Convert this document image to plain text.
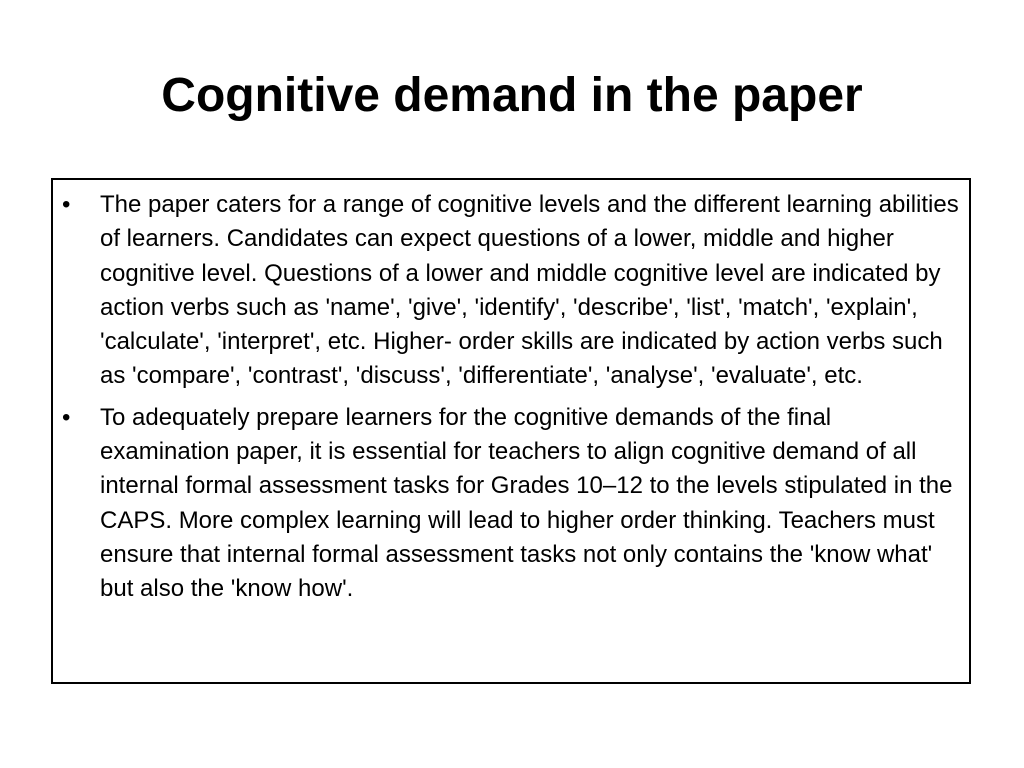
Cognitive demand in the paper
•	The paper caters for a range of cognitive levels and the different learning abilities of learners. Candidates can expect questions of a lower, middle and higher cognitive level. Questions of a lower and middle cognitive level are indicated by action verbs such as 'name', 'give', 'identify', 'describe', 'list', 'match', 'explain', 'calculate', 'interpret', etc. Higher- order skills are indicated by action verbs such as 'compare', 'contrast', 'discuss', 'differentiate', 'analyse', 'evaluate', etc.
•	To adequately prepare learners for the cognitive demands of the final examination paper, it is essential for teachers to align cognitive demand of all internal formal assessment tasks for Grades 10–12 to the levels stipulated in the CAPS. More complex learning will lead to higher order thinking. Teachers must ensure that internal formal assessment tasks not only contains the 'know what' but also the 'know how'.
